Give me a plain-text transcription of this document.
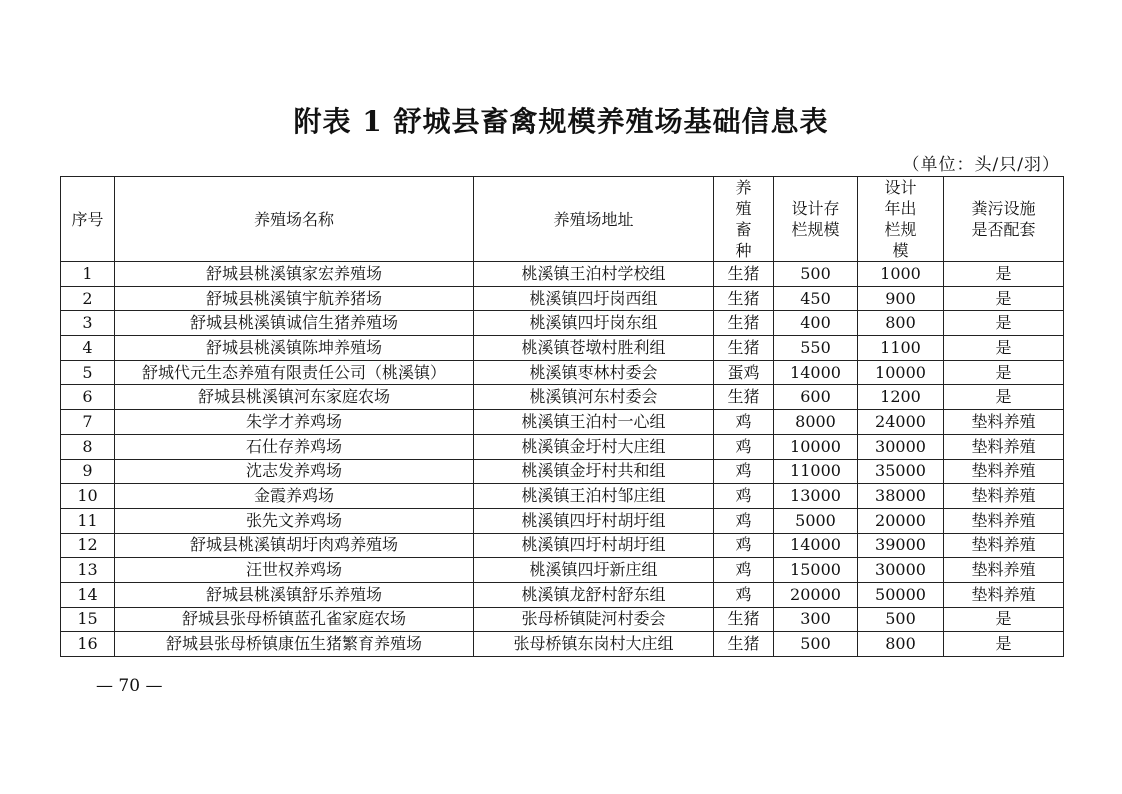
附表 1 舒城县畜禽规模养殖场基础信息表
（单位：头/只/羽）
序号	养殖场名称	养殖场地址	养殖畜种	设计存栏规模	设计年出栏规模	粪污设施是否配套
1	舒城县桃溪镇家宏养殖场	桃溪镇王泊村学校组	生猪	500	1000	是
2	舒城县桃溪镇宇航养猪场	桃溪镇四圩岗西组	生猪	450	900	是
3	舒城县桃溪镇诚信生猪养殖场	桃溪镇四圩岗东组	生猪	400	800	是
4	舒城县桃溪镇陈坤养殖场	桃溪镇苍墩村胜利组	生猪	550	1100	是
5	舒城代元生态养殖有限责任公司（桃溪镇）	桃溪镇枣林村委会	蛋鸡	14000	10000	是
6	舒城县桃溪镇河东家庭农场	桃溪镇河东村委会	生猪	600	1200	是
7	朱学才养鸡场	桃溪镇王泊村一心组	鸡	8000	24000	垫料养殖
8	石仕存养鸡场	桃溪镇金圩村大庄组	鸡	10000	30000	垫料养殖
9	沈志发养鸡场	桃溪镇金圩村共和组	鸡	11000	35000	垫料养殖
10	金霞养鸡场	桃溪镇王泊村邹庄组	鸡	13000	38000	垫料养殖
11	张先文养鸡场	桃溪镇四圩村胡圩组	鸡	5000	20000	垫料养殖
12	舒城县桃溪镇胡圩肉鸡养殖场	桃溪镇四圩村胡圩组	鸡	14000	39000	垫料养殖
13	汪世权养鸡场	桃溪镇四圩新庄组	鸡	15000	30000	垫料养殖
14	舒城县桃溪镇舒乐养殖场	桃溪镇龙舒村舒东组	鸡	20000	50000	垫料养殖
15	舒城县张母桥镇蓝孔雀家庭农场	张母桥镇陡河村委会	生猪	300	500	是
16	舒城县张母桥镇康伍生猪繁育养殖场	张母桥镇东岗村大庄组	生猪	500	800	是
— 70 —
